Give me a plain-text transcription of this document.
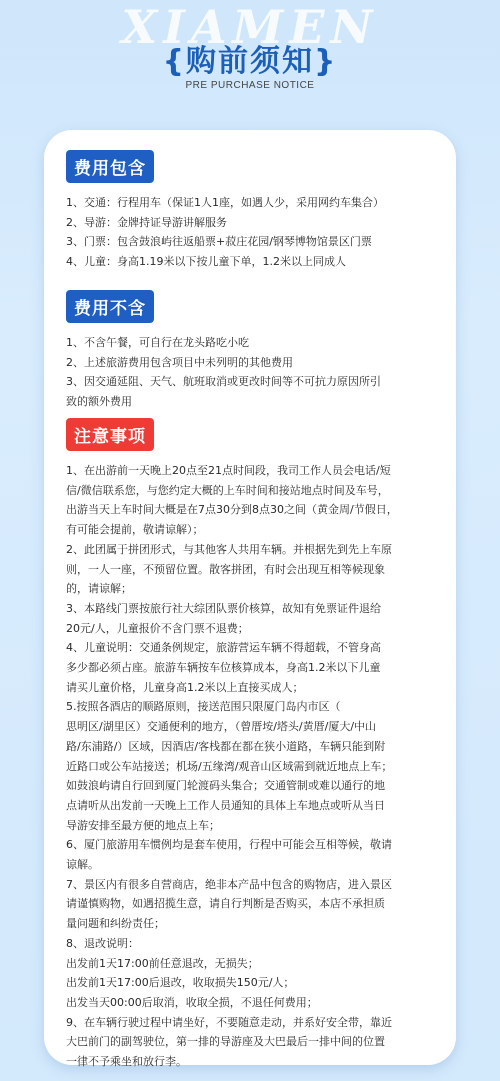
XIAMEN
{购前须知}
PRE PURCHASE NOTICE
费用包含
1、交通：行程用车（保证1人1座，如遇人少，采用网约车集合）
2、导游：金牌持证导游讲解服务
3、门票：包含鼓浪屿往返船票+菽庄花园/钢琴博物馆景区门票
4、儿童：身高1.19米以下按儿童下单，1.2米以上同成人
费用不含
1、不含午餐，可自行在龙头路吃小吃
2、上述旅游费用包含项目中未列明的其他费用
3、因交通延阻、天气、航班取消或更改时间等不可抗力原因所引
致的额外费用
注意事项
1、在出游前一天晚上20点至21点时间段，我司工作人员会电话/短
信/微信联系您，与您约定大概的上车时间和接站地点时间及车号，
出游当天上车时间大概是在7点30分到8点30之间（黄金周/节假日，
有可能会提前，敬请谅解）；
2、此团属于拼团形式，与其他客人共用车辆。并根据先到先上车原
则，一人一座，不预留位置。散客拼团，有时会出现互相等候现象
的，请谅解；
3、本路线门票按旅行社大综团队票价核算，故知有免票证件退给
20元/人，儿童报价不含门票不退费；
4、儿童说明：交通条例规定，旅游营运车辆不得超载，不管身高
多少都必须占座。旅游车辆按车位核算成本，身高1.2米以下儿童
请买儿童价格，儿童身高1.2米以上直接买成人；
5.按照各酒店的顺路原则，接送范围只限厦门岛内市区（
思明区/湖里区）交通便利的地方，（曾厝垵/塔头/黄厝/厦大/中山
路/东浦路/）区域，因酒店/客栈都在都在狭小道路，车辆只能到附
近路口或公车站接送；机场/五缘湾/观音山区域需到就近地点上车；
如鼓浪屿请自行回到厦门轮渡码头集合；交通管制或难以通行的地
点请听从出发前一天晚上工作人员通知的具体上车地点或听从当日
导游安排至最方便的地点上车；
6、厦门旅游用车惯例均是套车使用，行程中可能会互相等候，敬请
谅解。
7、景区内有很多自营商店，绝非本产品中包含的购物店，进入景区
请谨慎购物，如遇招揽生意，请自行判断是否购买，本店不承担质
量问题和纠纷责任；
8、退改说明：
出发前1天17:00前任意退改，无损失；
出发前1天17:00后退改，收取损失150元/人；
出发当天00:00后取消，收取全损，不退任何费用；
9、在车辆行驶过程中请坐好，不要随意走动，并系好安全带，靠近
大巴前门的副驾驶位，第一排的导游座及大巴最后一排中间的位置
一律不予乘坐和放行李。
